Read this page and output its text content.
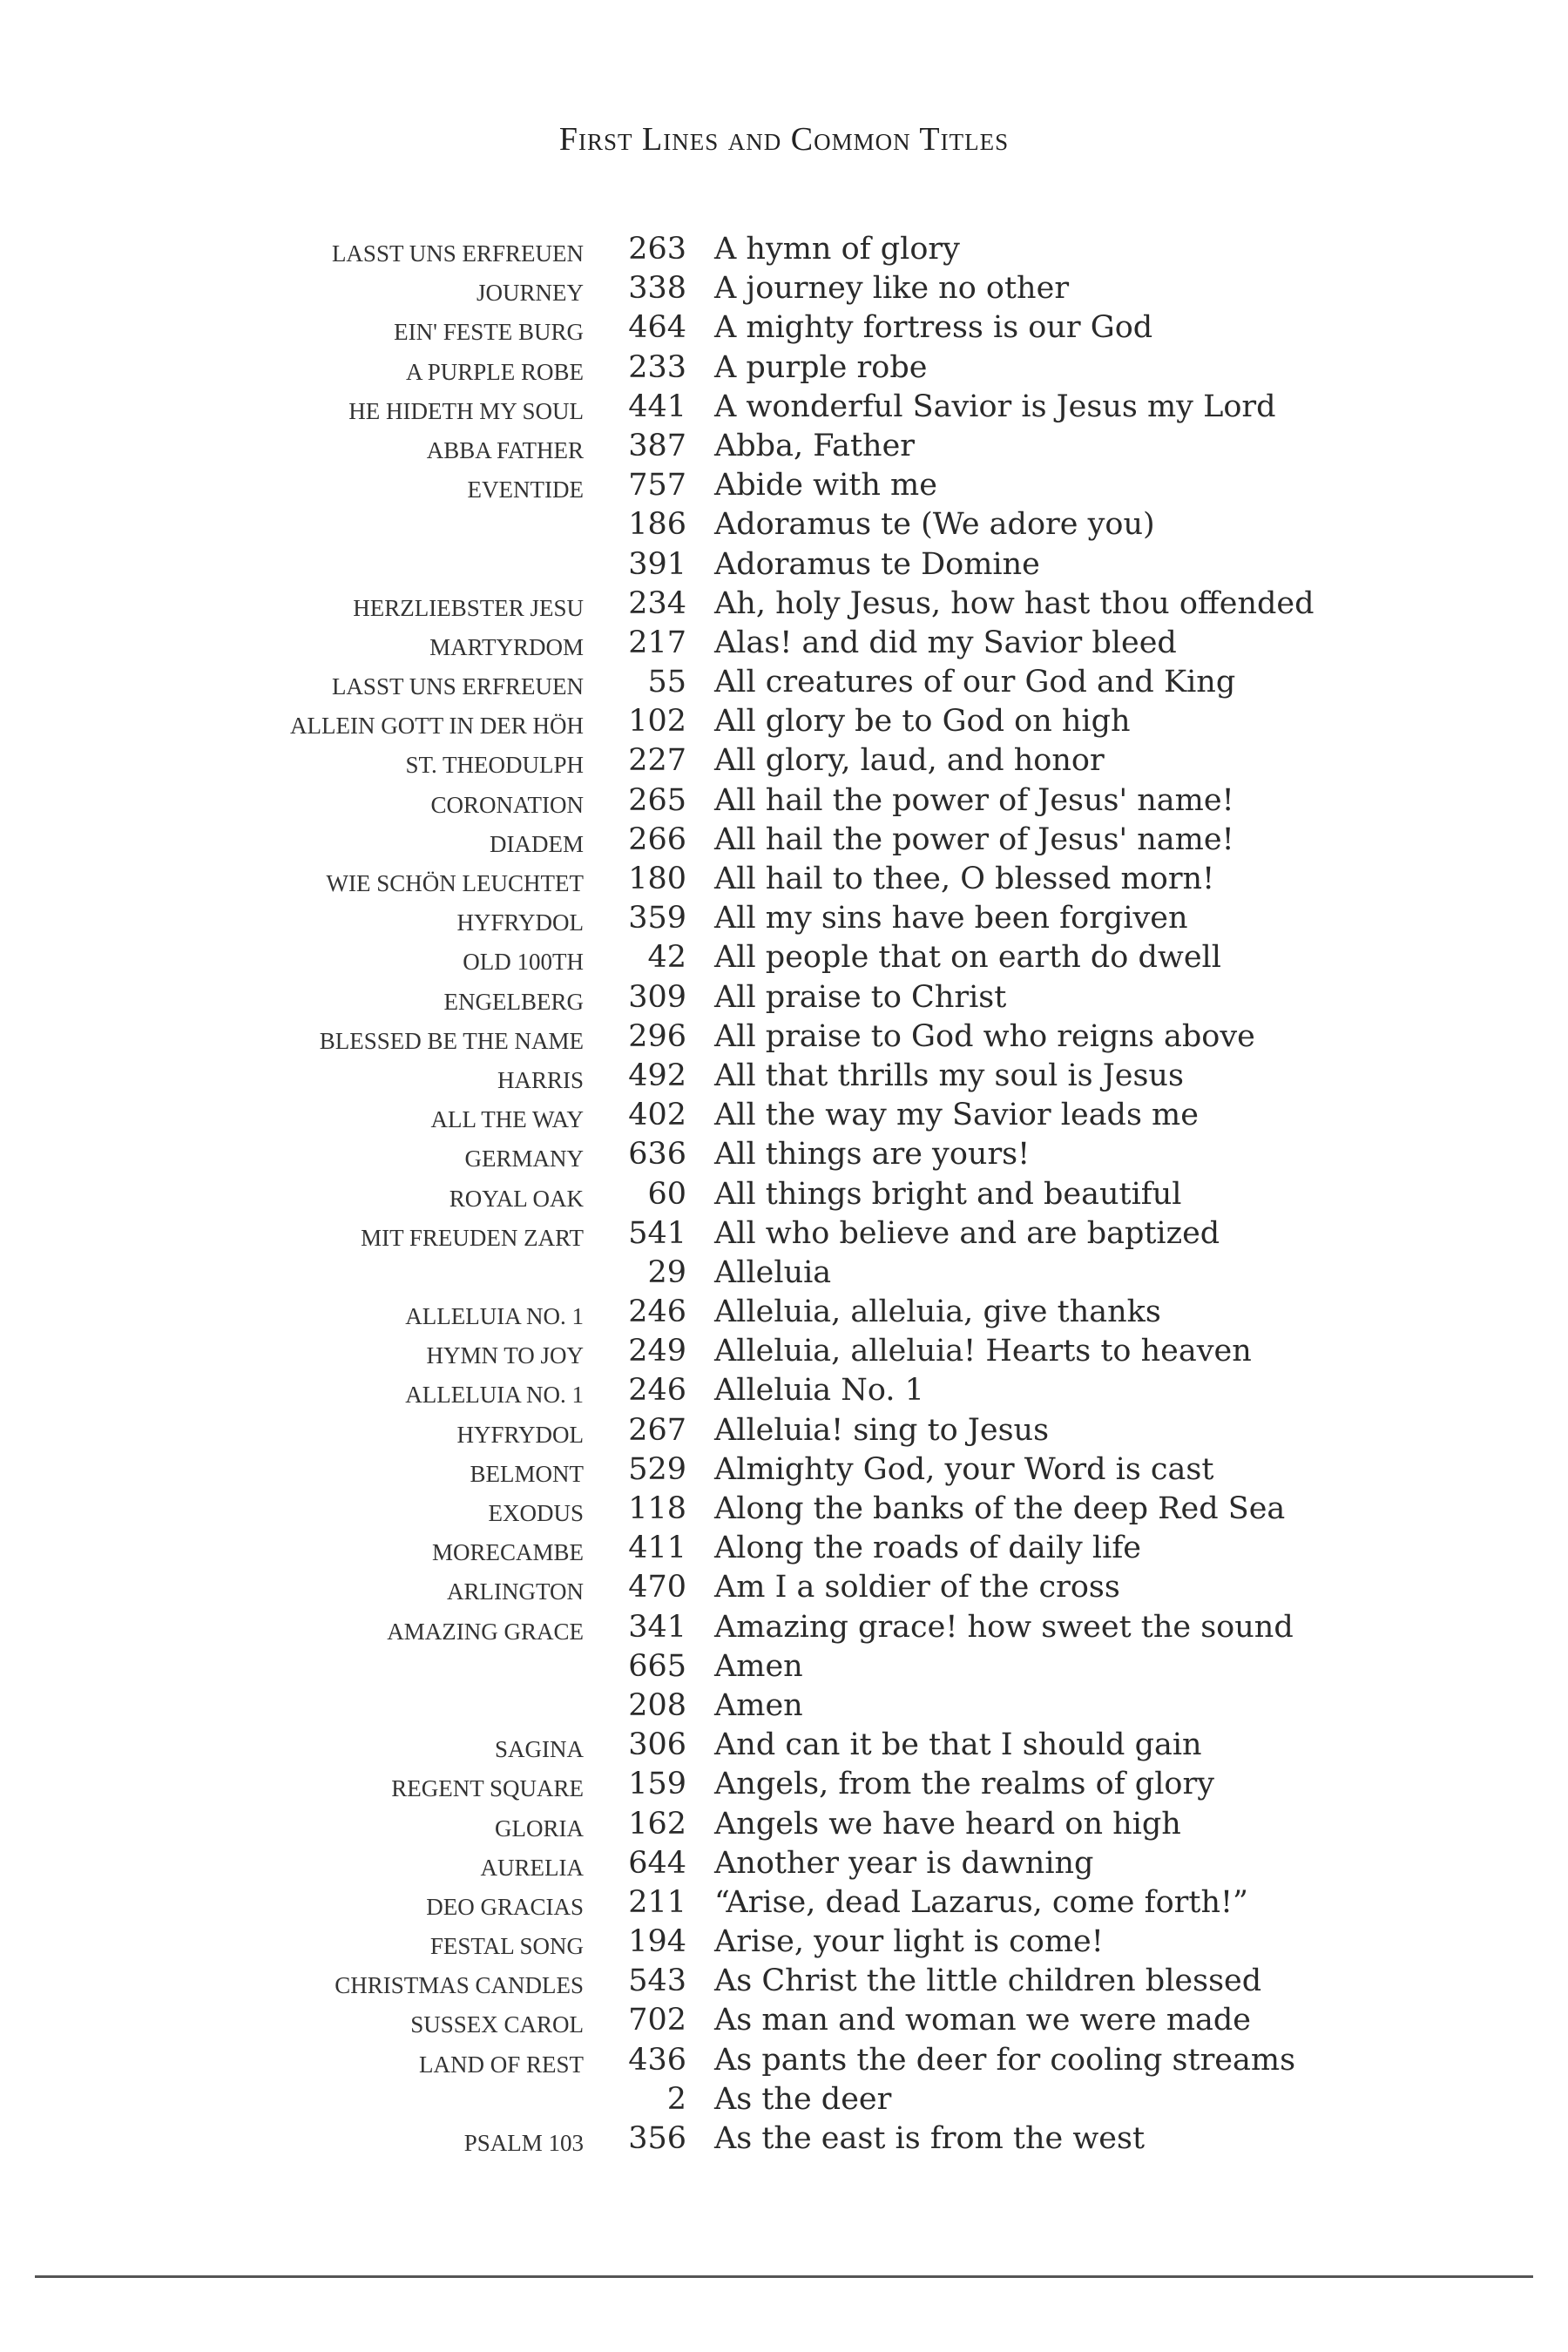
First Lines and Common Titles
LASST UNS ERFREUEN	263 A hymn of glory
JOURNEY	338 A journey like no other
EIN' FESTE BURG	464 A mighty fortress is our God
A PURPLE ROBE	233 A purple robe
HE HIDETH MY SOUL	441 A wonderful Savior is Jesus my Lord
ABBA FATHER	387 Abba, Father
EVENTIDE	757 Abide with me
186 Adoramus te (We adore you)
391 Adoramus te Domine
HERZLIEBSTER JESU	234 Ah, holy Jesus, how hast thou offended
MARTYRDOM	217 Alas! and did my Savior bleed
LASST UNS ERFREUEN	55 All creatures of our God and King
ALLEIN GOTT IN DER HÖH	102 All glory be to God on high
ST. THEODULPH	227 All glory, laud, and honor
CORONATION	265 All hail the power of Jesus' name!
DIADEM	266 All hail the power of Jesus' name!
WIE SCHÖN LEUCHTET	180 All hail to thee, O blessed morn!
HYFRYDOL	359 All my sins have been forgiven
OLD 100TH	42 All people that on earth do dwell
ENGELBERG	309 All praise to Christ
BLESSED BE THE NAME	296 All praise to God who reigns above
HARRIS	492 All that thrills my soul is Jesus
ALL THE WAY	402 All the way my Savior leads me
GERMANY	636 All things are yours!
ROYAL OAK	60 All things bright and beautiful
MIT FREUDEN ZART	541 All who believe and are baptized
29 Alleluia
ALLELUIA NO. 1	246 Alleluia, alleluia, give thanks
HYMN TO JOY	249 Alleluia, alleluia! Hearts to heaven
ALLELUIA NO. 1	246 Alleluia No. 1
HYFRYDOL	267 Alleluia! sing to Jesus
BELMONT	529 Almighty God, your Word is cast
EXODUS	118 Along the banks of the deep Red Sea
MORECAMBE	411 Along the roads of daily life
ARLINGTON	470 Am I a soldier of the cross
AMAZING GRACE	341 Amazing grace! how sweet the sound
665 Amen
208 Amen
SAGINA	306 And can it be that I should gain
REGENT SQUARE	159 Angels, from the realms of glory
GLORIA	162 Angels we have heard on high
AURELIA	644 Another year is dawning
DEO GRACIAS	211 “Arise, dead Lazarus, come forth!”
FESTAL SONG	194 Arise, your light is come!
CHRISTMAS CANDLES	543 As Christ the little children blessed
SUSSEX CAROL	702 As man and woman we were made
LAND OF REST	436 As pants the deer for cooling streams
2 As the deer
PSALM 103	356 As the east is from the west
